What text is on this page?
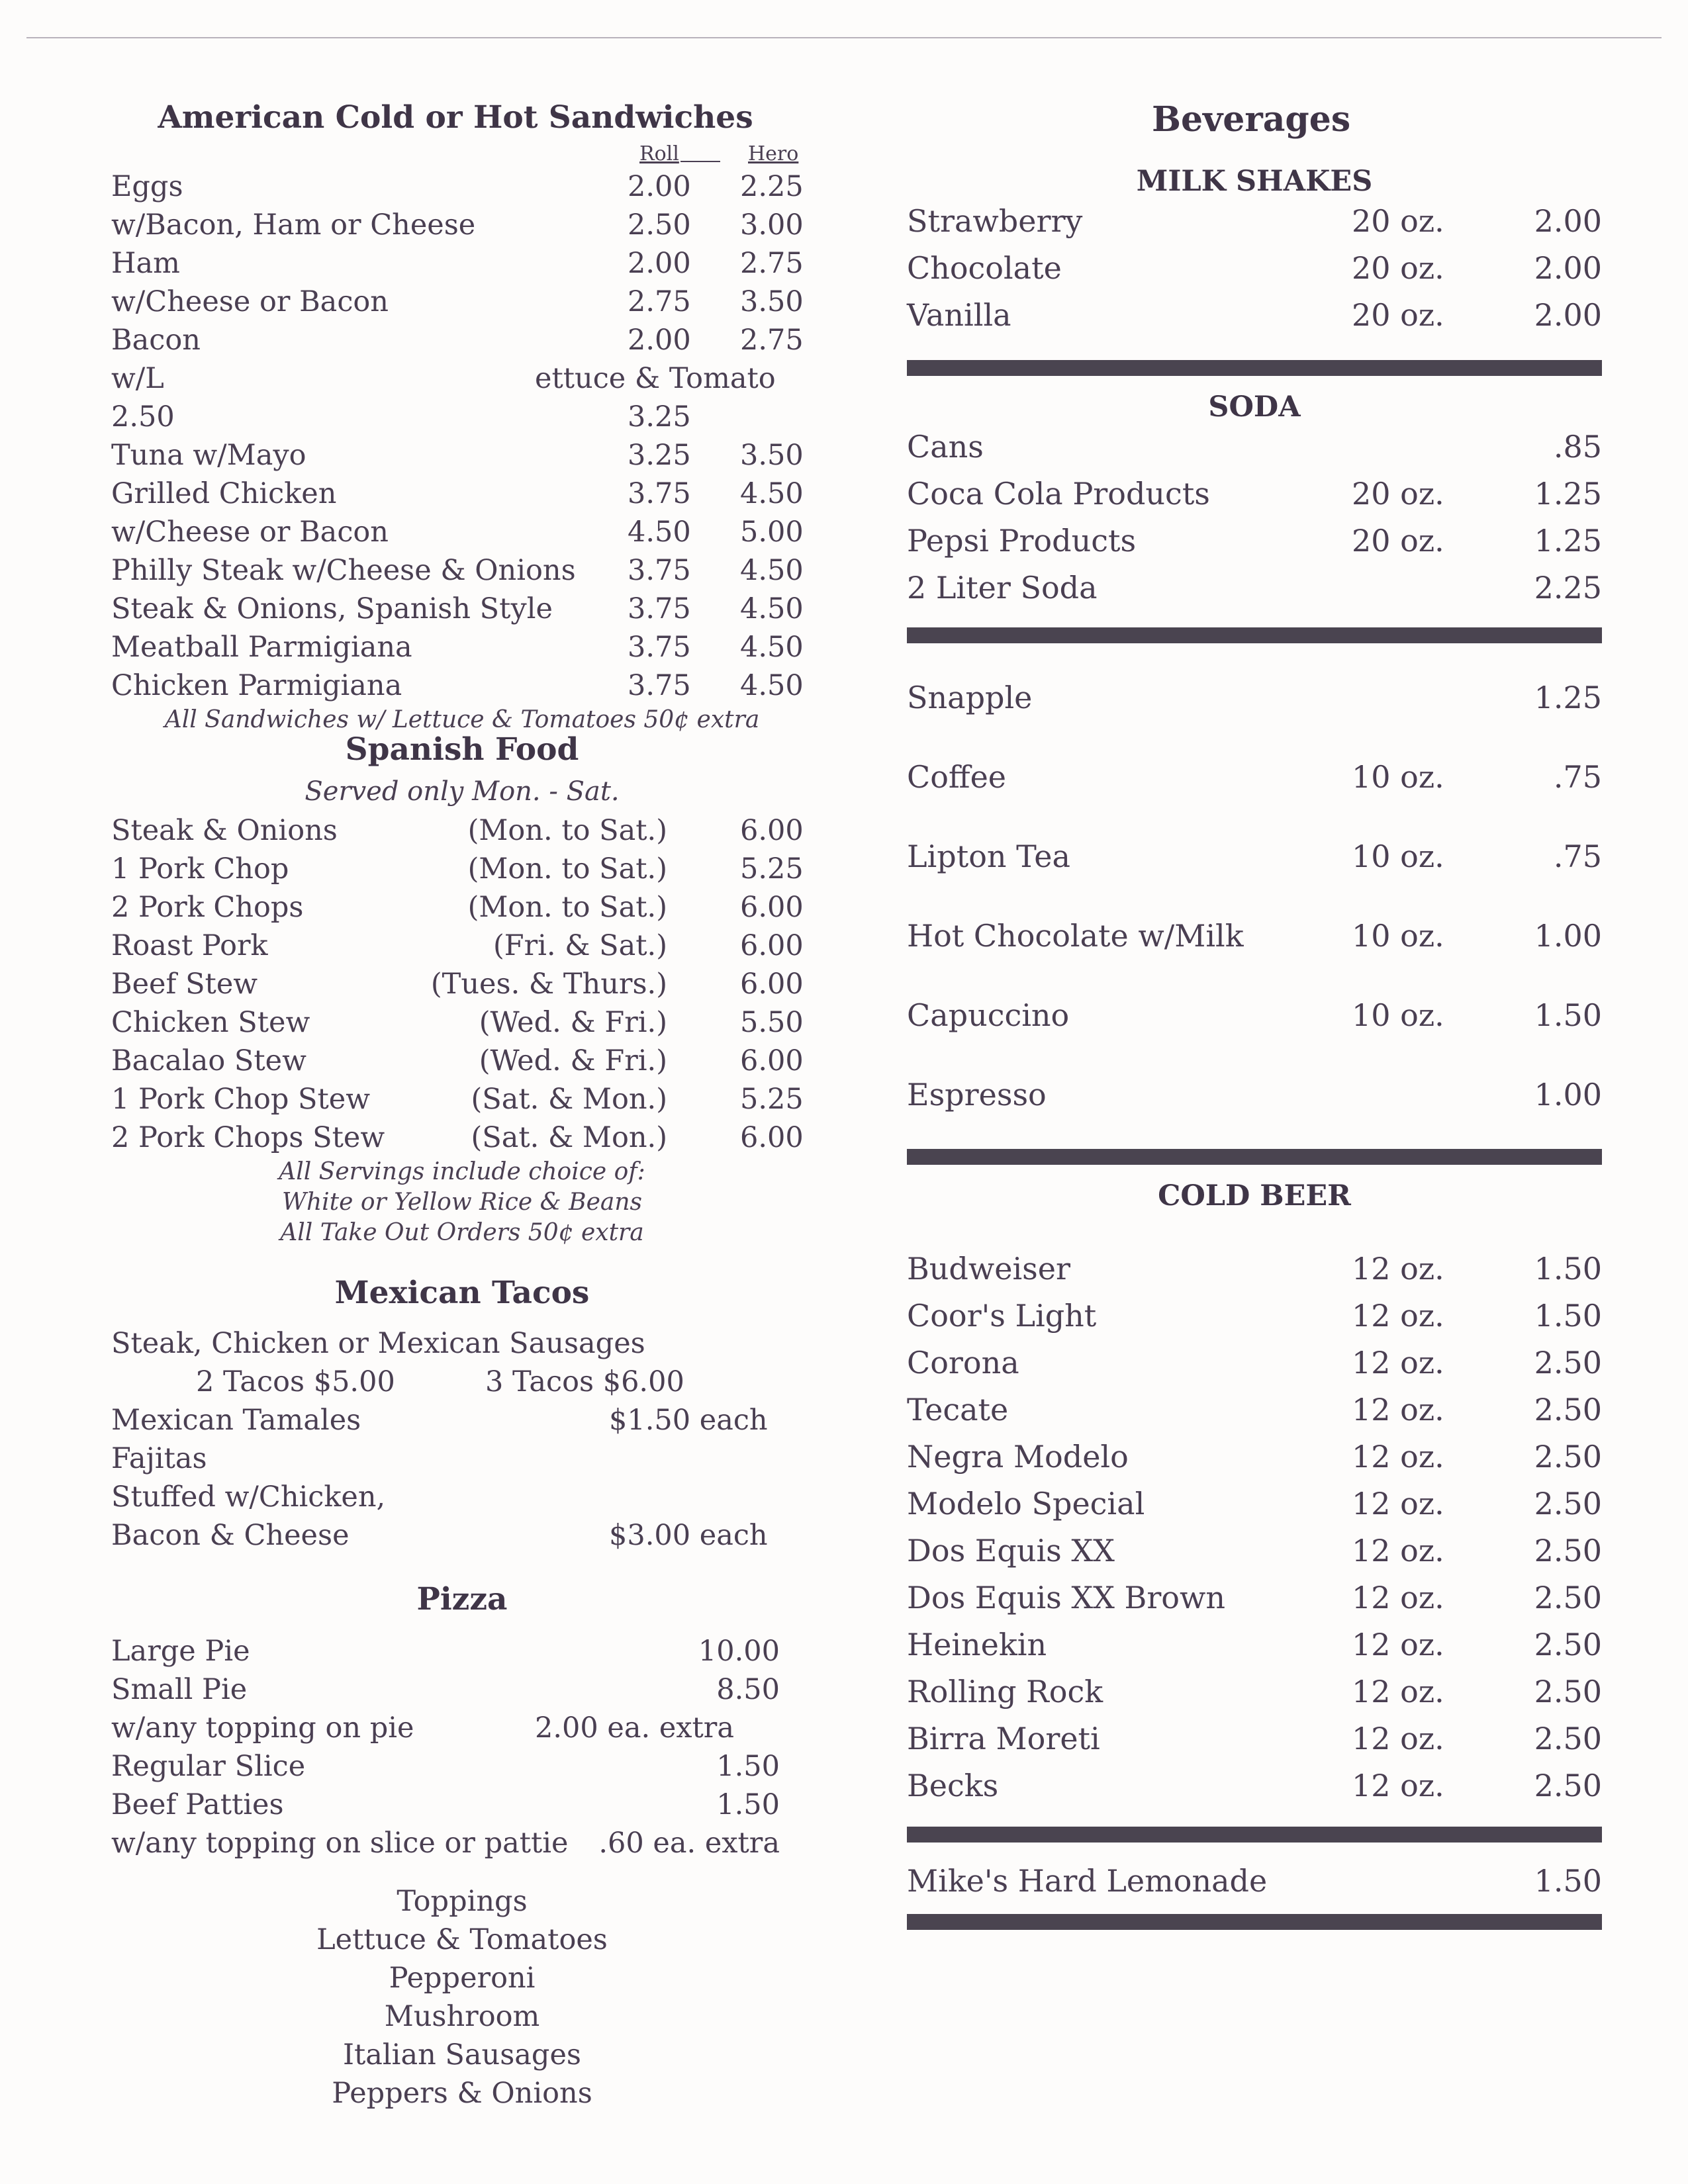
American Cold or Hot Sandwiches
Roll	Hero
Eggs	2.00 2.25
w/Bacon, Ham or Cheese	2.50 3.00
Ham	2.00 2.75
w/Cheese or Bacon	2.75 3.50
Bacon	2.00 2.75
w/L	ettuce & Tomato
2.50	3.25
Tuna w/Mayo	3.25 3.50
Grilled Chicken	3.75 4.50
w/Cheese or Bacon	4.50 5.00
Philly Steak w/Cheese & Onions 3.75 4.50
Steak & Onions, Spanish Style	3.75 4.50
Meatball Parmigiana	3.75 4.50
Chicken Parmigiana	3.75 4.50
All Sandwiches w/ Lettuce & Tomatoes 50¢ extra
Spanish Food
Served only Mon. - Sat.
Steak & Onions	(Mon. to Sat.)	6.00
1 Pork Chop	(Mon. to Sat.)	5.25
2 Pork Chops	(Mon. to Sat.)	6.00
Roast Pork	(Fri. & Sat.)	6.00
Beef Stew	(Tues. & Thurs.)	6.00
Chicken Stew	(Wed. & Fri.)	5.50
Bacalao Stew	(Wed. & Fri.)	6.00
1 Pork Chop Stew	(Sat. & Mon.)	5.25
2 Pork Chops Stew	(Sat. & Mon.)	6.00
All Servings include choice of:
White or Yellow Rice & Beans
All Take Out Orders 50¢ extra
Mexican Tacos
Steak, Chicken or Mexican Sausages
2 Tacos $5.00	3 Tacos $6.00
Mexican Tamales	$1.50 each
Fajitas
Stuffed w/Chicken,
Bacon & Cheese	$3.00 each
Pizza
Large Pie	10.00
Small Pie	8.50
w/any topping on pie	2.00 ea. extra
Regular Slice	1.50
Beef Patties	1.50
w/any topping on slice or pattie .60 ea. extra
Toppings
Lettuce & Tomatoes
Pepperoni
Mushroom
Italian Sausages
Peppers & Onions
Beverages
MILK SHAKES
Strawberry	20 oz.	2.00
Chocolate	20 oz.	2.00
Vanilla	20 oz.	2.00
SODA
Cans	.85
Coca Cola Products	20 oz.	1.25
Pepsi Products	20 oz.	1.25
2 Liter Soda	2.25
Snapple	1.25
Coffee	10 oz.	.75
Lipton Tea	10 oz.	.75
Hot Chocolate w/Milk	10 oz.	1.00
Capuccino	10 oz.	1.50
Espresso	1.00
COLD BEER
Budweiser	12 oz.	1.50
Coor's Light	12 oz.	1.50
Corona	12 oz.	2.50
Tecate	12 oz.	2.50
Negra Modelo	12 oz.	2.50
Modelo Special	12 oz.	2.50
Dos Equis XX	12 oz.	2.50
Dos Equis XX Brown	12 oz.	2.50
Heinekin	12 oz.	2.50
Rolling Rock	12 oz.	2.50
Birra Moreti	12 oz.	2.50
Becks	12 oz.	2.50
Mike's Hard Lemonade	1.50
